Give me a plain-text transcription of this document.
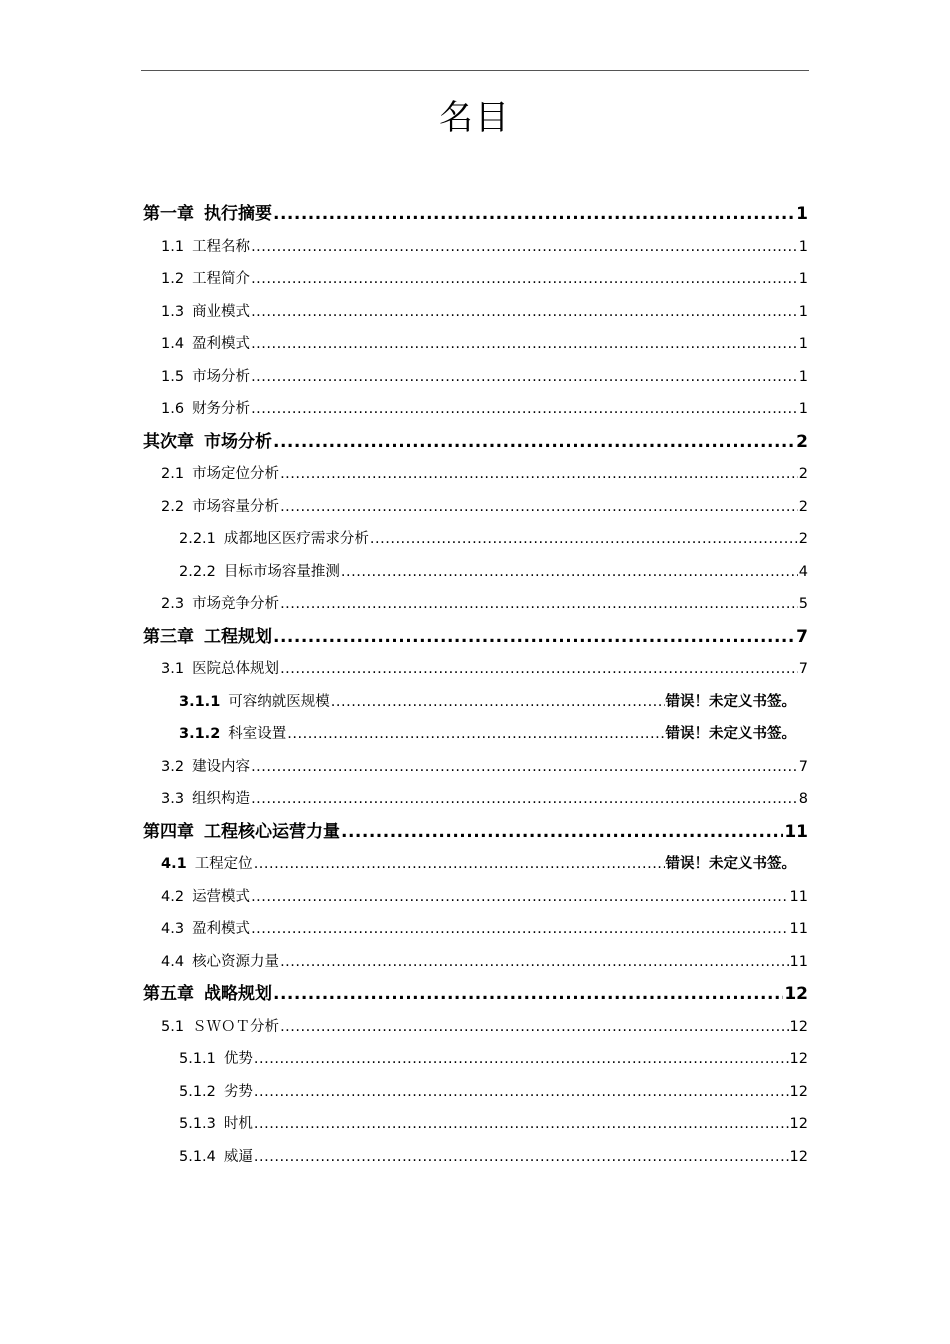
名目
第一章 执行摘要 .....	1
1.1 工程名称 .....	1
1.2 工程简介 .....	1
1.3 商业模式 .....	1
1.4 盈利模式 .....	1
1.5 市场分析 .....	1
1.6 财务分析 .....	1
其次章 市场分析 .....	2
2.1 市场定位分析 .....	2
2.2 市场容量分析 .....	2
2.2.1 成都地区医疗需求分析 .....	2
2.2.2 目标市场容量推测 .....	4
2.3 市场竞争分析 .....	5
第三章 工程规划 .....	7
3.1 医院总体规划 .....	7
3.1.1 可容纳就医规模 .....	错误！未定义书签。
3.1.2 科室设置 .....	错误！未定义书签。
3.2 建设内容 .....	7
3.3 组织构造 .....	8
第四章 工程核心运营力量 .....	11
4.1 工程定位 .....	错误！未定义书签。
4.2 运营模式 .....	11
4.3 盈利模式 .....	11
4.4 核心资源力量 .....	11
第五章 战略规划 .....	12
5.1 ＳＷＯＴ分析 .....	12
5.1.1 优势 .....	12
5.1.2 劣势 .....	12
5.1.3 时机 .....	12
5.1.4 威逼 .....	12
